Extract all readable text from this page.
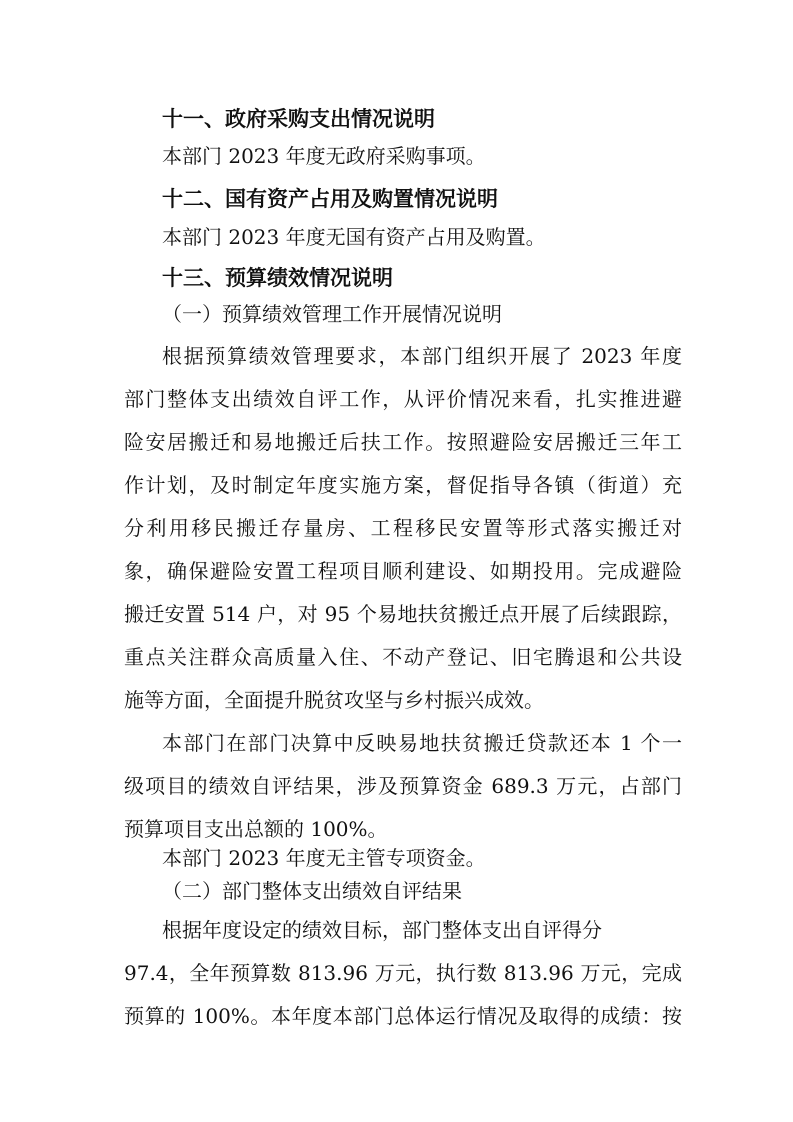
十一、政府采购支出情况说明
本部门 2023 年度无政府采购事项。
十二、国有资产占用及购置情况说明
本部门 2023 年度无国有资产占用及购置。
十三、预算绩效情况说明
（一）预算绩效管理工作开展情况说明
根据预算绩效管理要求，本部门组织开展了 2023 年度
部门整体支出绩效自评工作，从评价情况来看，扎实推进避
险安居搬迁和易地搬迁后扶工作。按照避险安居搬迁三年工
作计划，及时制定年度实施方案，督促指导各镇（街道）充
分利用移民搬迁存量房、工程移民安置等形式落实搬迁对
象，确保避险安置工程项目顺利建设、如期投用。完成避险
搬迁安置 514 户，对 95 个易地扶贫搬迁点开展了后续跟踪，
重点关注群众高质量入住、不动产登记、旧宅腾退和公共设
施等方面，全面提升脱贫攻坚与乡村振兴成效。
本部门在部门决算中反映易地扶贫搬迁贷款还本 1 个一
级项目的绩效自评结果，涉及预算资金 689.3 万元，占部门
预算项目支出总额的 100%。
本部门 2023 年度无主管专项资金。
（二）部门整体支出绩效自评结果
根据年度设定的绩效目标，部门整体支出自评得分
97.4，全年预算数 813.96 万元，执行数 813.96 万元，完成
预算的 100%。本年度本部门总体运行情况及取得的成绩：按
